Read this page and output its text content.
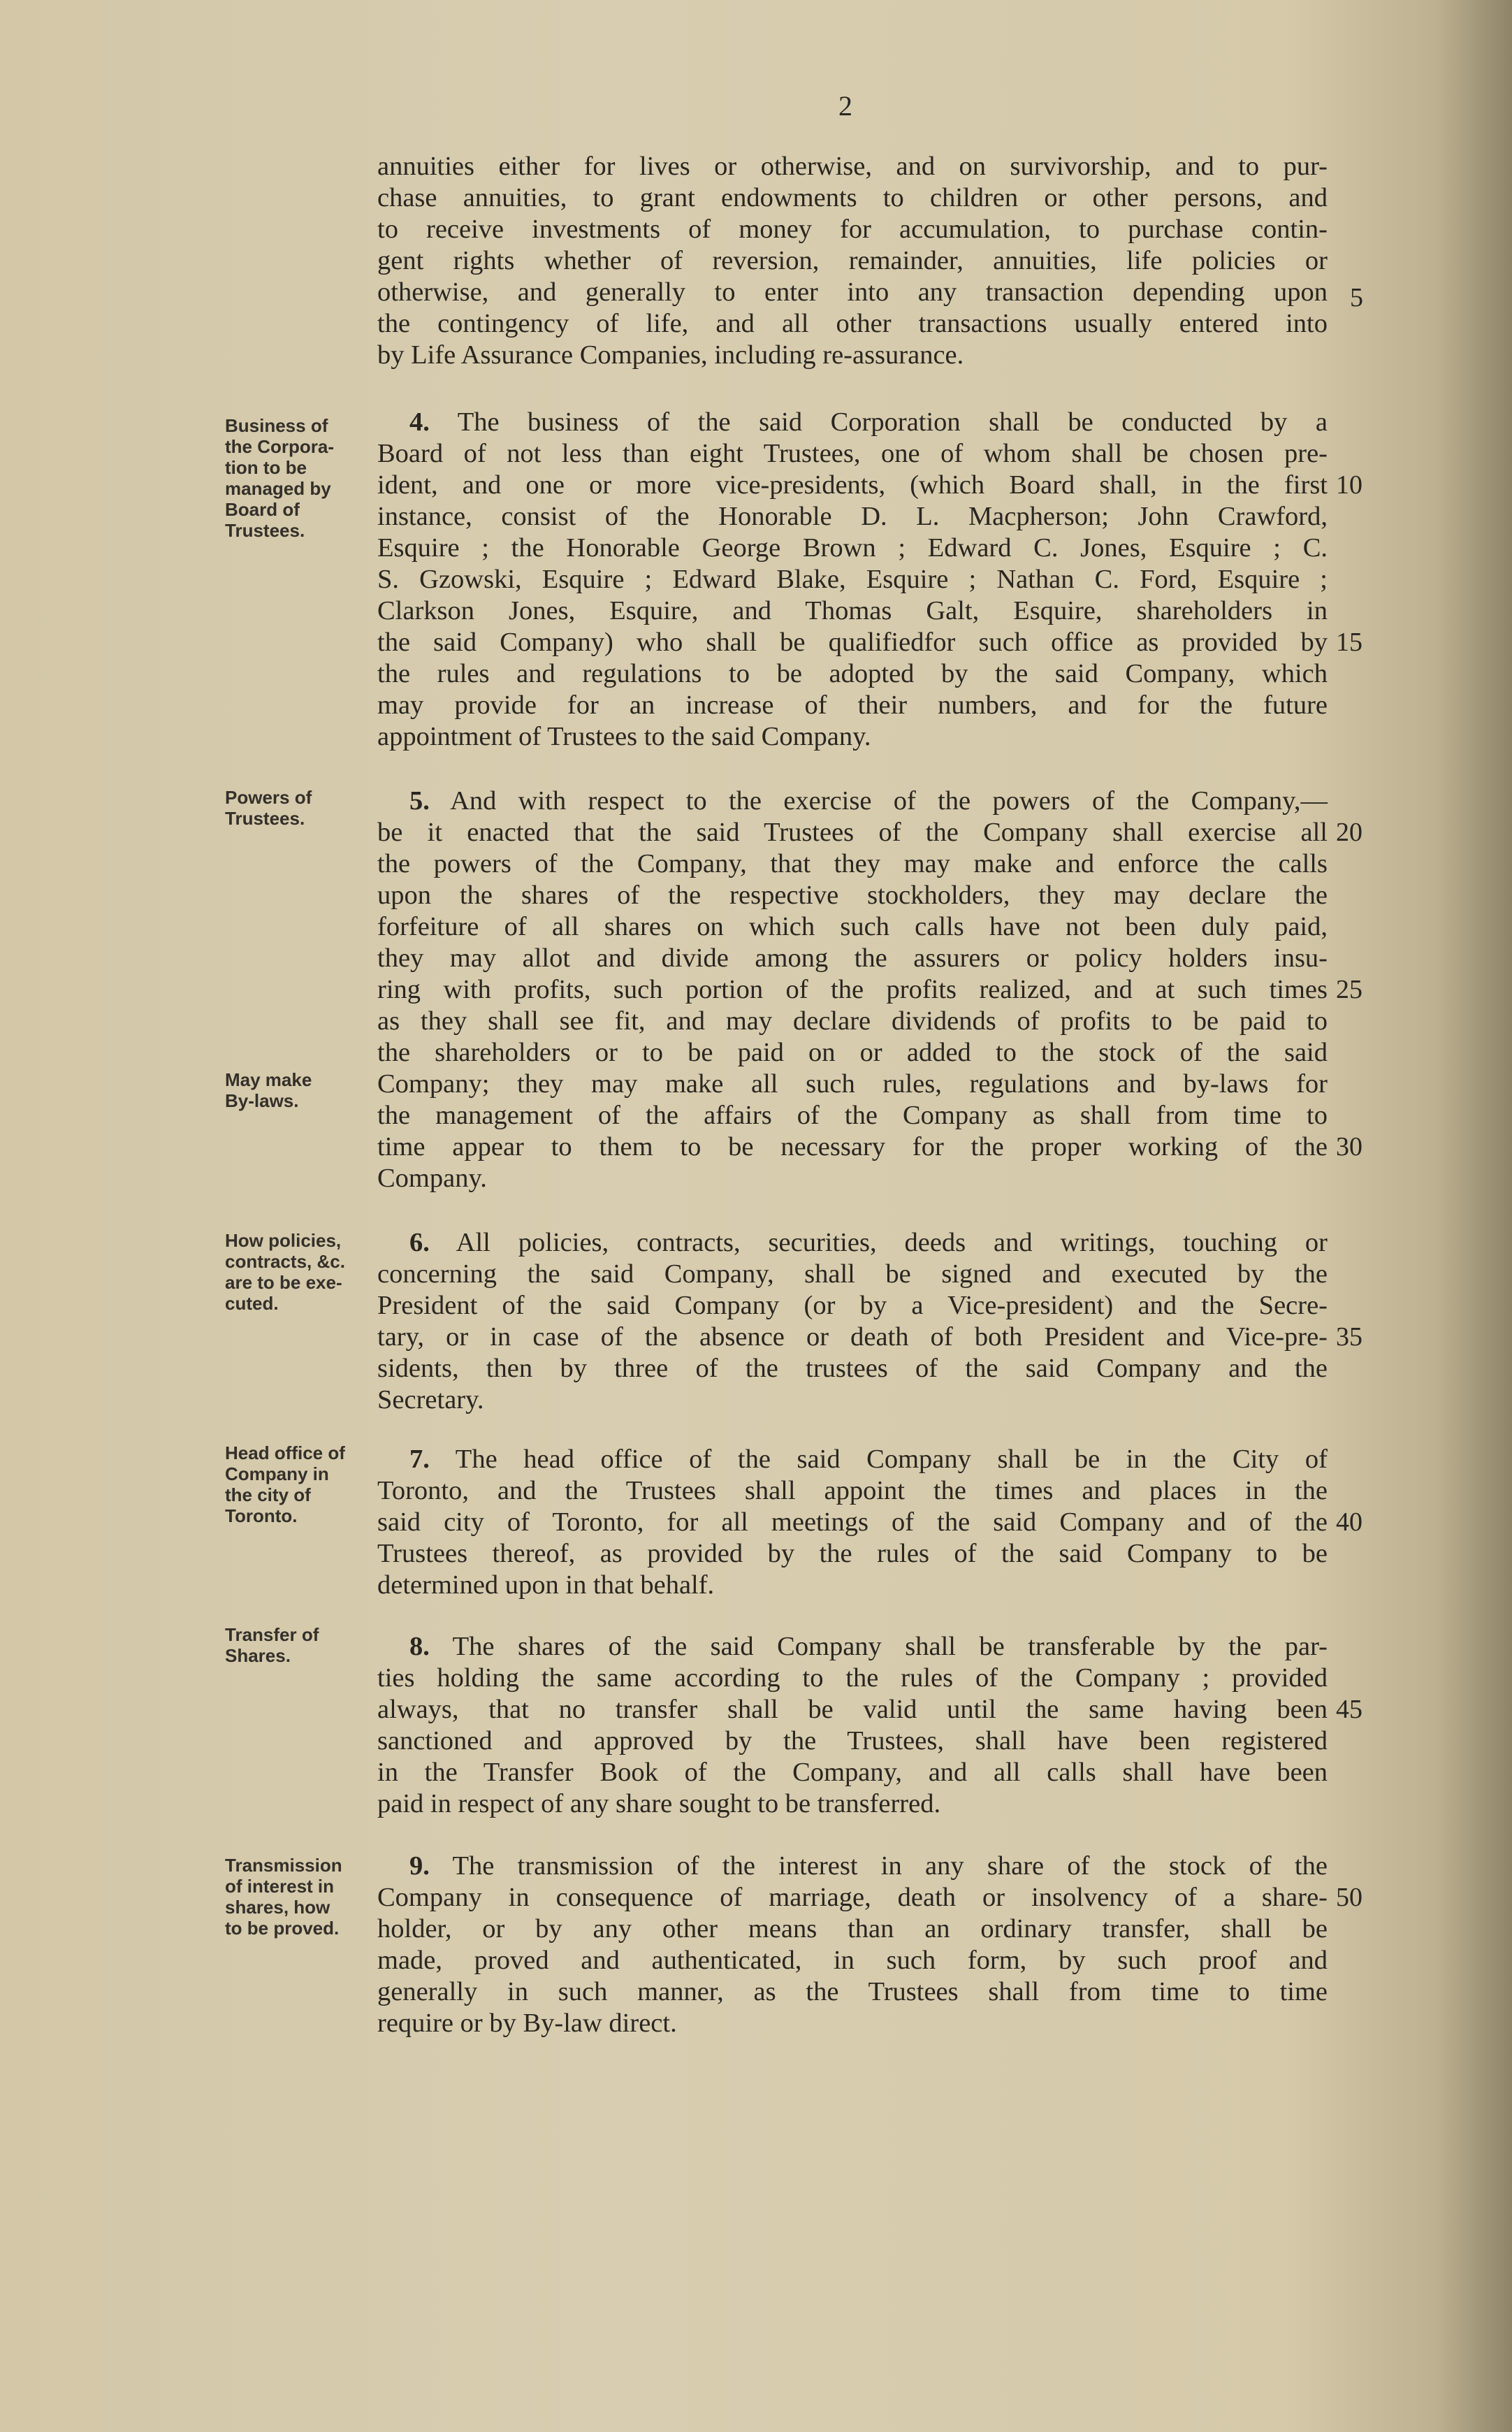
2
annuities either for lives or otherwise, and on survivorship, and to pur-
chase annuities, to grant endowments to children or other persons, and
to receive investments of money for accumulation, to purchase contin-
gent rights whether of reversion, remainder, annuities, life policies or
otherwise, and generally to enter into any transaction depending upon
the contingency of life, and all other transactions usually entered into
by Life Assurance Companies, including re-assurance.
4. The business of the said Corporation shall be conducted by a
Board of not less than eight Trustees, one of whom shall be chosen pre-
ident, and one or more vice-presidents, (which Board shall, in the first
instance, consist of the Honorable D. L. Macpherson; John Crawford,
Esquire ; the Honorable George Brown ; Edward C. Jones, Esquire ; C.
S. Gzowski, Esquire ; Edward Blake, Esquire ; Nathan C. Ford, Esquire ;
Clarkson Jones, Esquire, and Thomas Galt, Esquire, shareholders in
the said Company) who shall be qualifiedfor such office as provided by
the rules and regulations to be adopted by the said Company, which
may provide for an increase of their numbers, and for the future
appointment of Trustees to the said Company.
5. And with respect to the exercise of the powers of the Company,—
be it enacted that the said Trustees of the Company shall exercise all
the powers of the Company, that they may make and enforce the calls
upon the shares of the respective stockholders, they may declare the
forfeiture of all shares on which such calls have not been duly paid,
they may allot and divide among the assurers or policy holders insu-
ring with profits, such portion of the profits realized, and at such times
as they shall see fit, and may declare dividends of profits to be paid to
the shareholders or to be paid on or added to the stock of the said
Company; they may make all such rules, regulations and by-laws for
the management of the affairs of the Company as shall from time to
time appear to them to be necessary for the proper working of the
Company.
6. All policies, contracts, securities, deeds and writings, touching or
concerning the said Company, shall be signed and executed by the
President of the said Company (or by a Vice-president) and the Secre-
tary, or in case of the absence or death of both President and Vice-pre-
sidents, then by three of the trustees of the said Company and the
Secretary.
7. The head office of the said Company shall be in the City of
Toronto, and the Trustees shall appoint the times and places in the
said city of Toronto, for all meetings of the said Company and of the
Trustees thereof, as provided by the rules of the said Company to be
determined upon in that behalf.
8. The shares of the said Company shall be transferable by the par-
ties holding the same according to the rules of the Company ; provided
always, that no transfer shall be valid until the same having been
sanctioned and approved by the Trustees, shall have been registered
in the Transfer Book of the Company, and all calls shall have been
paid in respect of any share sought to be transferred.
9. The transmission of the interest in any share of the stock of the
Company in consequence of marriage, death or insolvency of a share-
holder, or by any other means than an ordinary transfer, shall be
made, proved and authenticated, in such form, by such proof and
generally in such manner, as the Trustees shall from time to time
require or by By-law direct.
Business of
the Corpora-
tion to be
managed by
Board of
Trustees.
Powers of
Trustees.
May make
By-laws.
How policies,
contracts, &c.
are to be exe-
cuted.
Head office of
Company in
the city of
Toronto.
Transfer of
Shares.
Transmission
of interest in
shares, how
to be proved.
5
10
15
20
25
30
35
40
45
50
